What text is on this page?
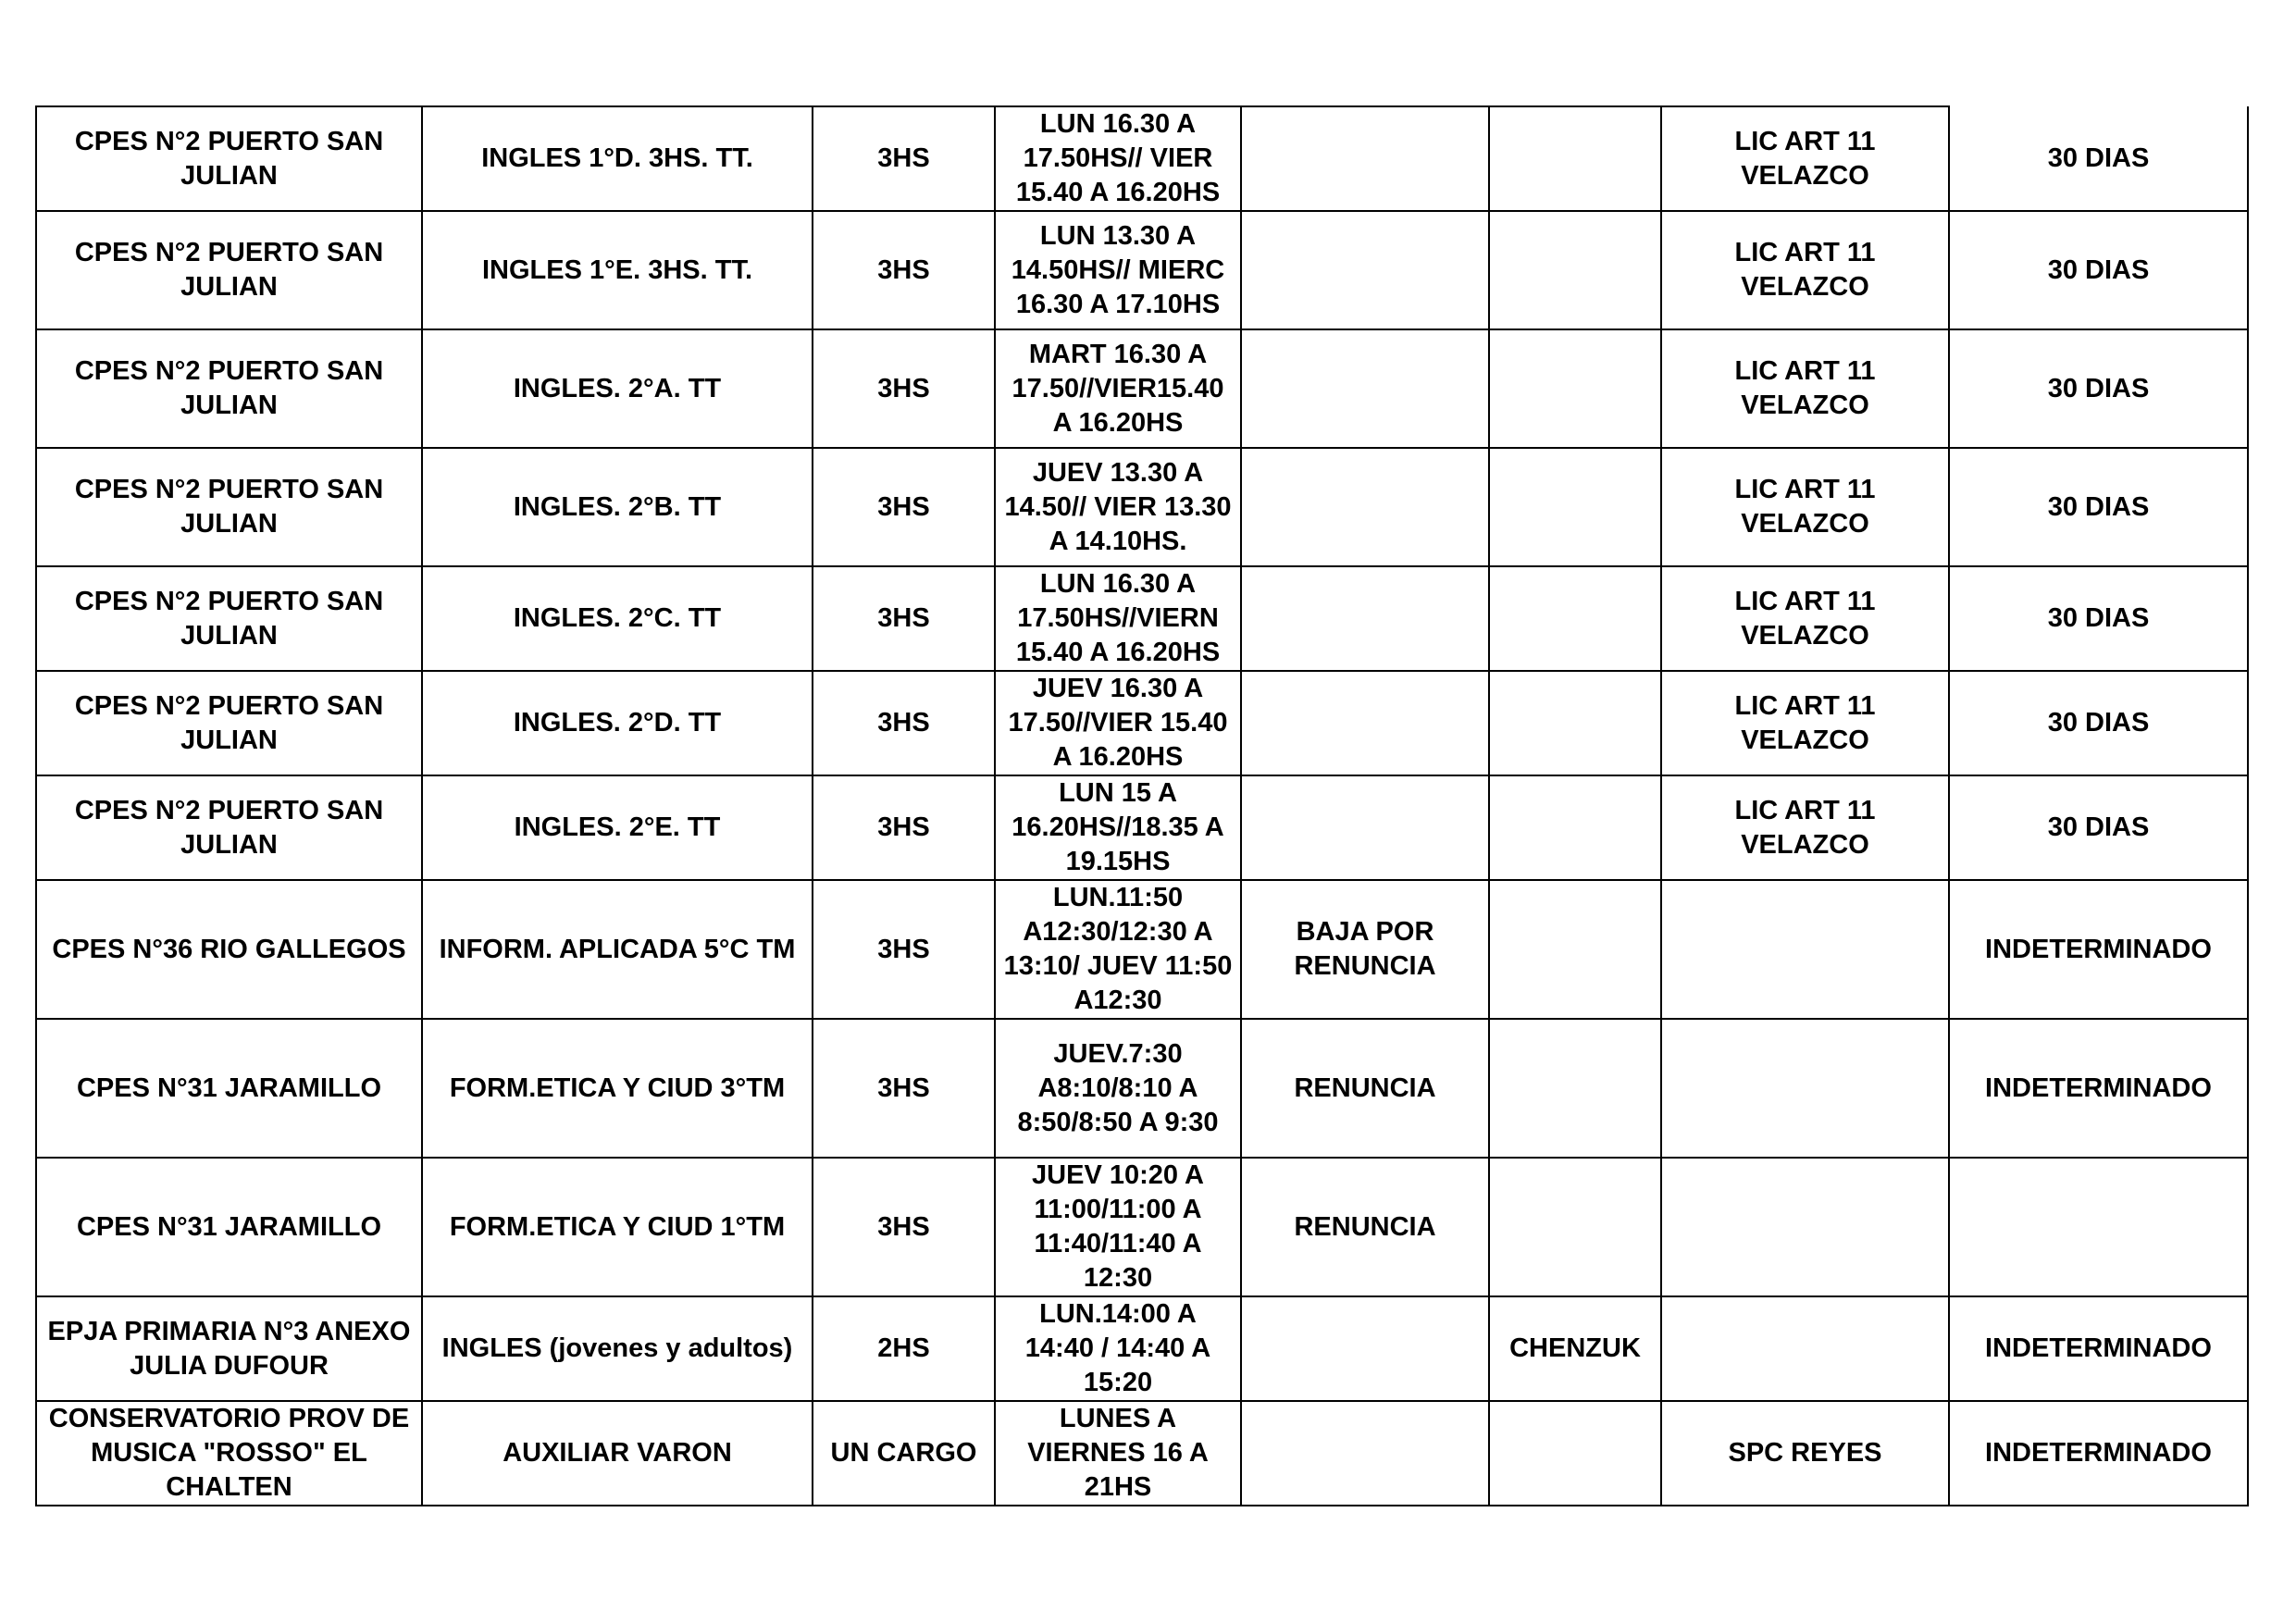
CPES N°2 PUERTO SAN
JULIAN	INGLES 1°D. 3HS. TT.	3HS	LUN 16.30 A
17.50HS// VIER
15.40 A 16.20HS			LIC ART 11
VELAZCO	30 DIAS
CPES N°2 PUERTO SAN
JULIAN	INGLES 1°E. 3HS. TT.	3HS	LUN 13.30 A
14.50HS// MIERC
16.30 A 17.10HS			LIC ART 11
VELAZCO	30 DIAS
CPES N°2 PUERTO SAN
JULIAN	INGLES. 2°A. TT	3HS	MART 16.30 A
17.50//VIER15.40
A 16.20HS			LIC ART 11
VELAZCO	30 DIAS
CPES N°2 PUERTO SAN
JULIAN	INGLES. 2°B. TT	3HS	JUEV 13.30 A
14.50// VIER 13.30
A 14.10HS.			LIC ART 11
VELAZCO	30 DIAS
CPES N°2 PUERTO SAN
JULIAN	INGLES. 2°C. TT	3HS	LUN 16.30 A
17.50HS//VIERN
15.40 A 16.20HS			LIC ART 11
VELAZCO	30 DIAS
CPES N°2 PUERTO SAN
JULIAN	INGLES. 2°D. TT	3HS	JUEV 16.30 A
17.50//VIER 15.40
A 16.20HS			LIC ART 11
VELAZCO	30 DIAS
CPES N°2 PUERTO SAN
JULIAN	INGLES. 2°E. TT	3HS	LUN 15 A
16.20HS//18.35 A
19.15HS			LIC ART 11
VELAZCO	30 DIAS
CPES N°36 RIO GALLEGOS	INFORM. APLICADA 5°C TM	3HS	LUN.11:50
A12:30/12:30 A
13:10/ JUEV 11:50
A12:30	BAJA POR
RENUNCIA			INDETERMINADO
CPES N°31 JARAMILLO	FORM.ETICA Y CIUD 3°TM	3HS	JUEV.7:30
A8:10/8:10 A
8:50/8:50 A 9:30	RENUNCIA			INDETERMINADO
CPES N°31 JARAMILLO	FORM.ETICA Y CIUD 1°TM	3HS	JUEV 10:20 A
11:00/11:00 A
11:40/11:40 A
12:30	RENUNCIA			
EPJA PRIMARIA N°3 ANEXO
JULIA DUFOUR	INGLES (jovenes y adultos)	2HS	LUN.14:00 A
14:40 / 14:40 A
15:20		CHENZUK		INDETERMINADO
CONSERVATORIO PROV DE
MUSICA "ROSSO" EL
CHALTEN	AUXILIAR VARON	UN CARGO	LUNES A
VIERNES 16 A
21HS			SPC REYES	INDETERMINADO
